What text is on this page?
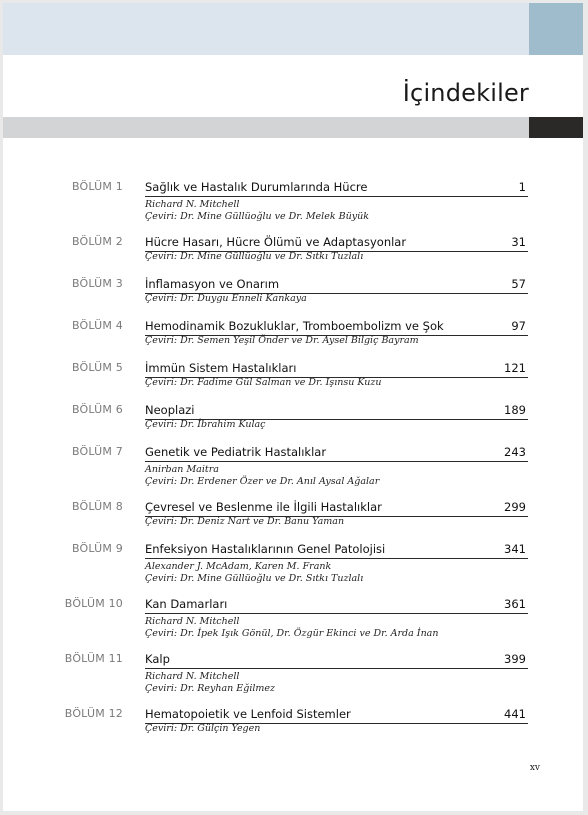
İçindekiler
BÖLÜM 1 Sağlık ve Hastalık Durumlarında Hücre	1
Richard N. Mitchell
Çeviri: Dr. Mine Güllüoğlu ve Dr. Melek Büyük
BÖLÜM 2 Hücre Hasarı, Hücre Ölümü ve Adaptasyonlar	31
Çeviri: Dr. Mine Güllüoğlu ve Dr. Sıtkı Tuzlalı
BÖLÜM 3 İnflamasyon ve Onarım	57
Çeviri: Dr. Duygu Enneli Kankaya
BÖLÜM 4 Hemodinamik Bozukluklar, Tromboembolizm ve Şok	97
Çeviri: Dr. Semen Yeşil Önder ve Dr. Aysel Bilgiç Bayram
BÖLÜM 5 İmmün Sistem Hastalıkları	121
Çeviri: Dr. Fadime Gül Salman ve Dr. Işınsu Kuzu
BÖLÜM 6 Neoplazi	189
Çeviri: Dr. İbrahim Kulaç
BÖLÜM 7 Genetik ve Pediatrik Hastalıklar	243
Anirban Maitra
Çeviri: Dr. Erdener Özer ve Dr. Anıl Aysal Ağalar
BÖLÜM 8 Çevresel ve Beslenme ile İlgili Hastalıklar	299
Çeviri: Dr. Deniz Nart ve Dr. Banu Yaman
BÖLÜM 9 Enfeksiyon Hastalıklarının Genel Patolojisi	341
Alexander J. McAdam, Karen M. Frank
Çeviri: Dr. Mine Güllüoğlu ve Dr. Sıtkı Tuzlalı
BÖLÜM 10 Kan Damarları	361
Richard N. Mitchell
Çeviri: Dr. İpek Işık Gönül, Dr. Özgür Ekinci ve Dr. Arda İnan
BÖLÜM 11 Kalp	399
Richard N. Mitchell
Çeviri: Dr. Reyhan Eğilmez
BÖLÜM 12 Hematopoietik ve Lenfoid Sistemler	441
Çeviri: Dr. Gülçin Yegen
xv
